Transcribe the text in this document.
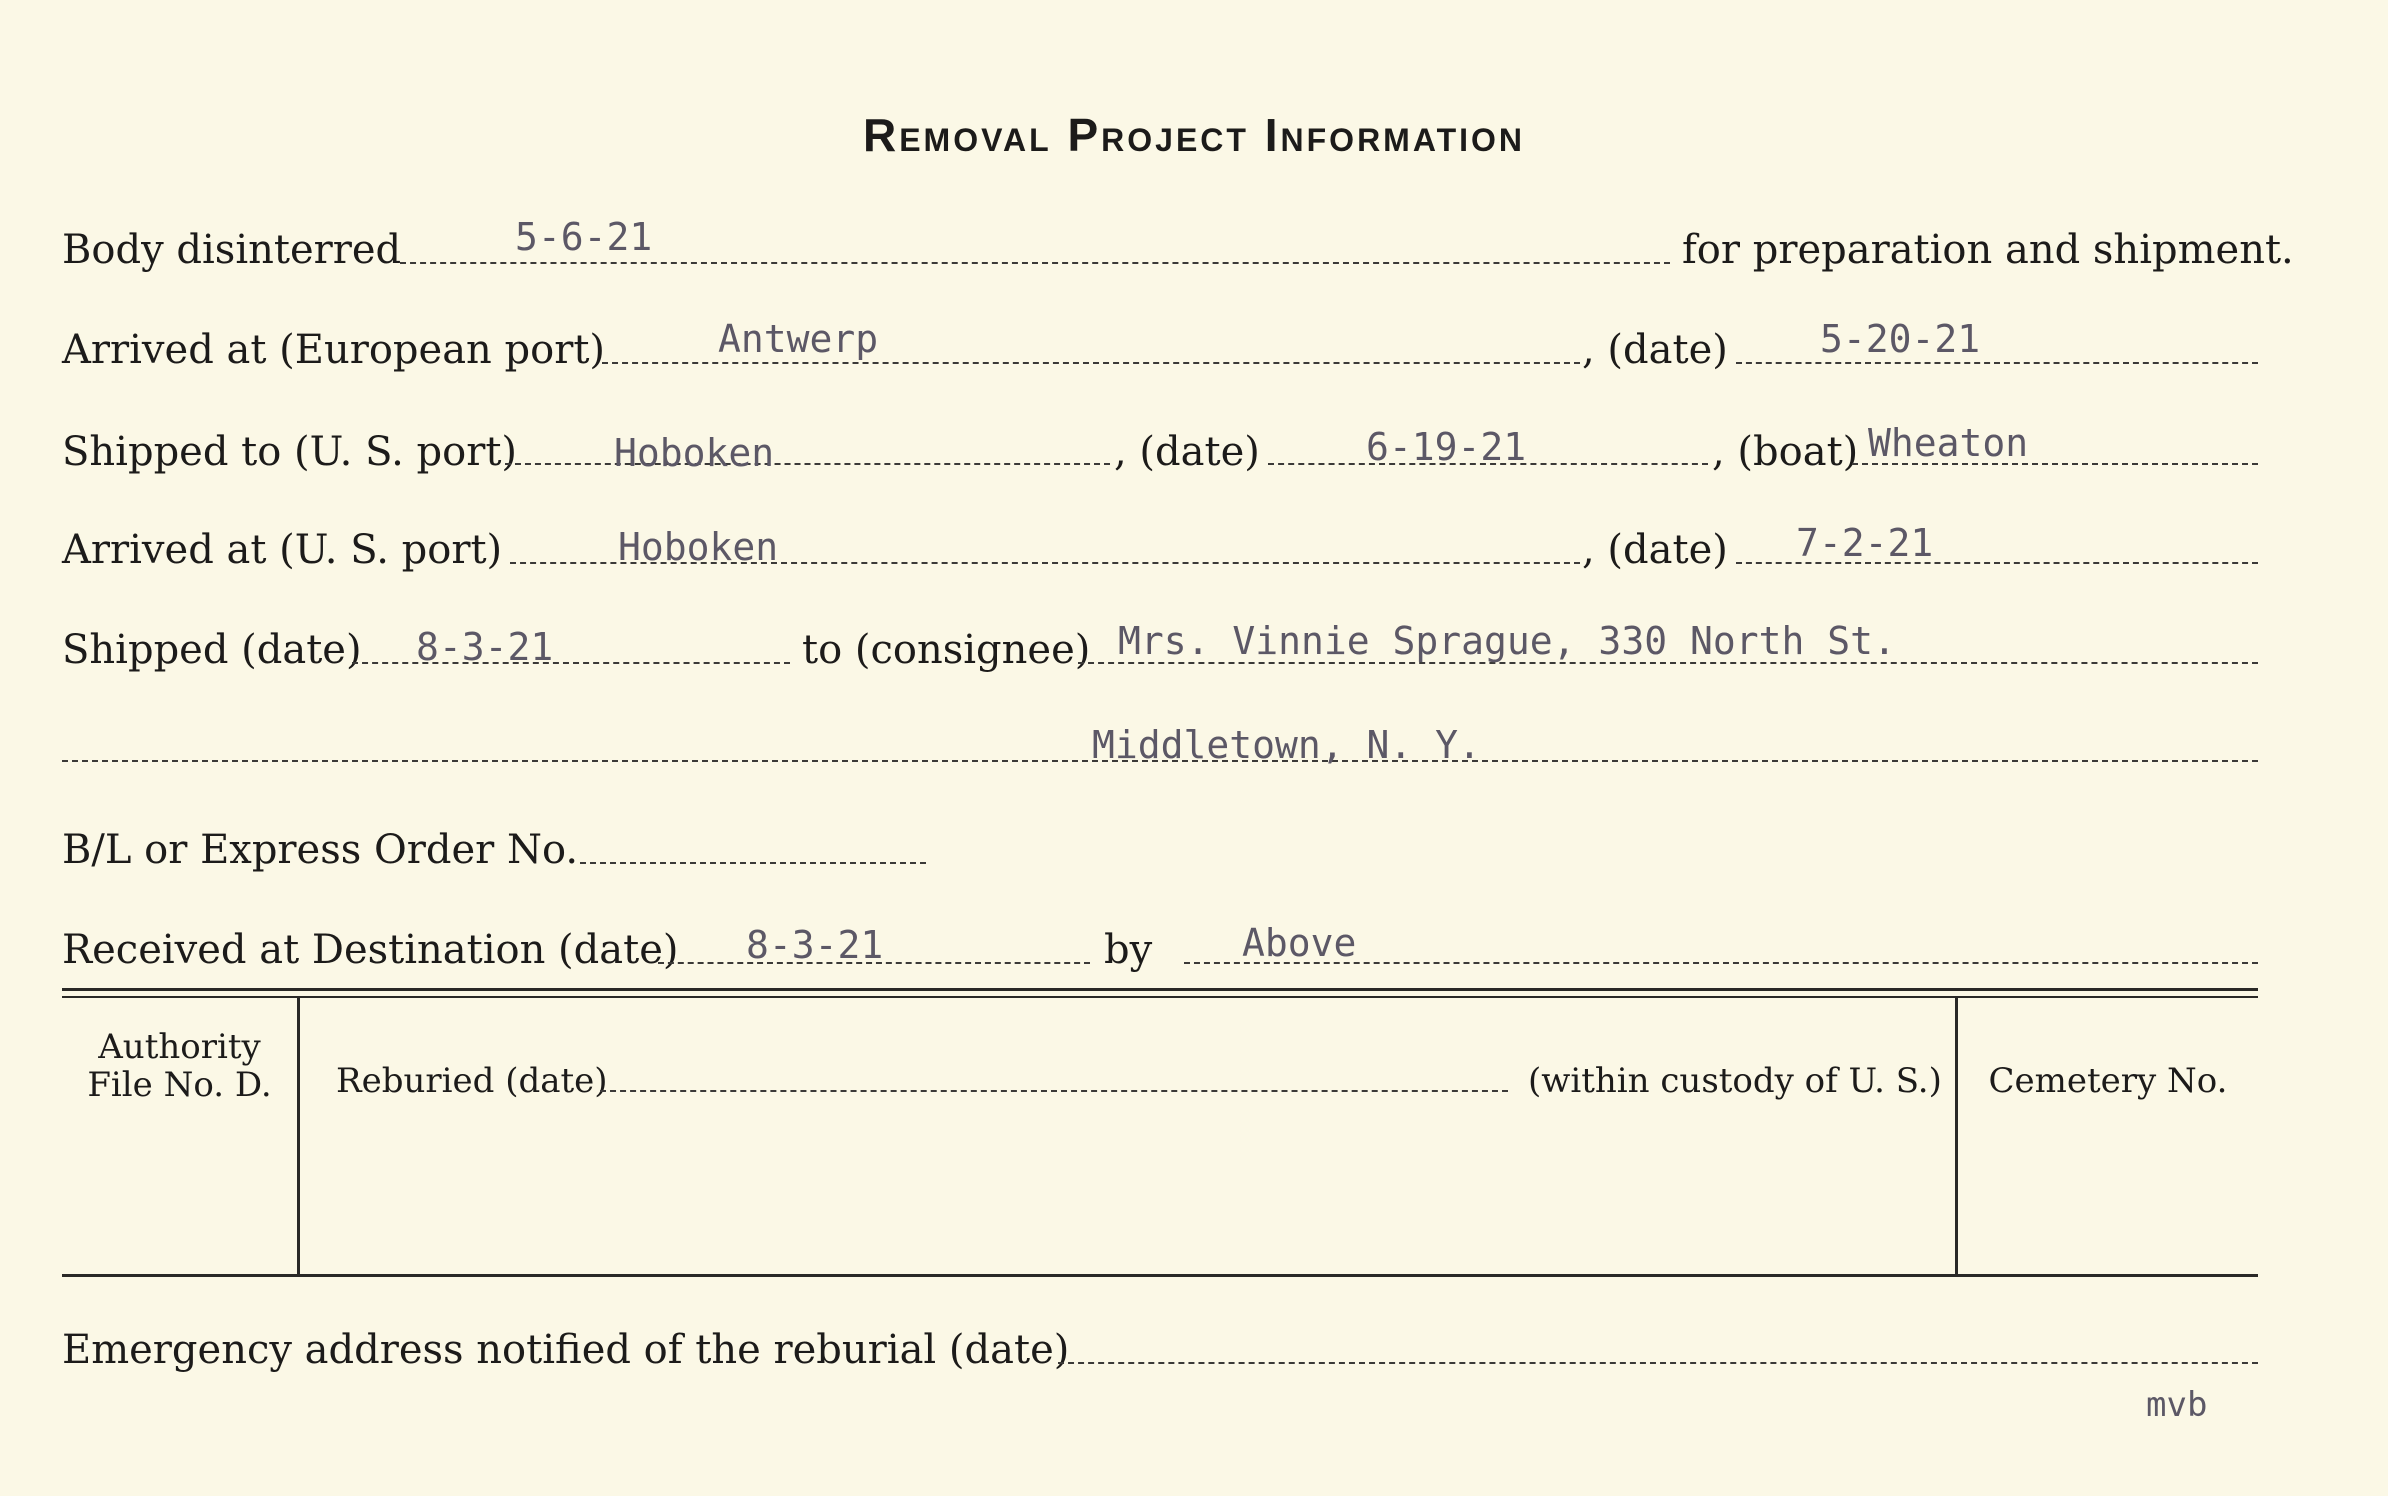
Removal Project Information
Body disinterred	5-6-21	for preparation and shipment.
Arrived at (European port)	Antwerp	, (date) 5-20-21
Shipped to (U. S. port)	Hoboken	, (date)	6-19-21	, (boat) Wheaton
Arrived at (U. S. port)	Hoboken	, (date) 7-2-21
Shipped (date) 8-3-21	to (consignee) Mrs. Vinnie Sprague, 330 North St.
Middletown, N. Y.
B/L or Express Order No.
Received at Destination (date) 8-3-21	by Above
Authority
File No. D.	Reburied (date)	(within custody of U. S.)	Cemetery No.
Emergency address notified of the reburial (date)
mvb
